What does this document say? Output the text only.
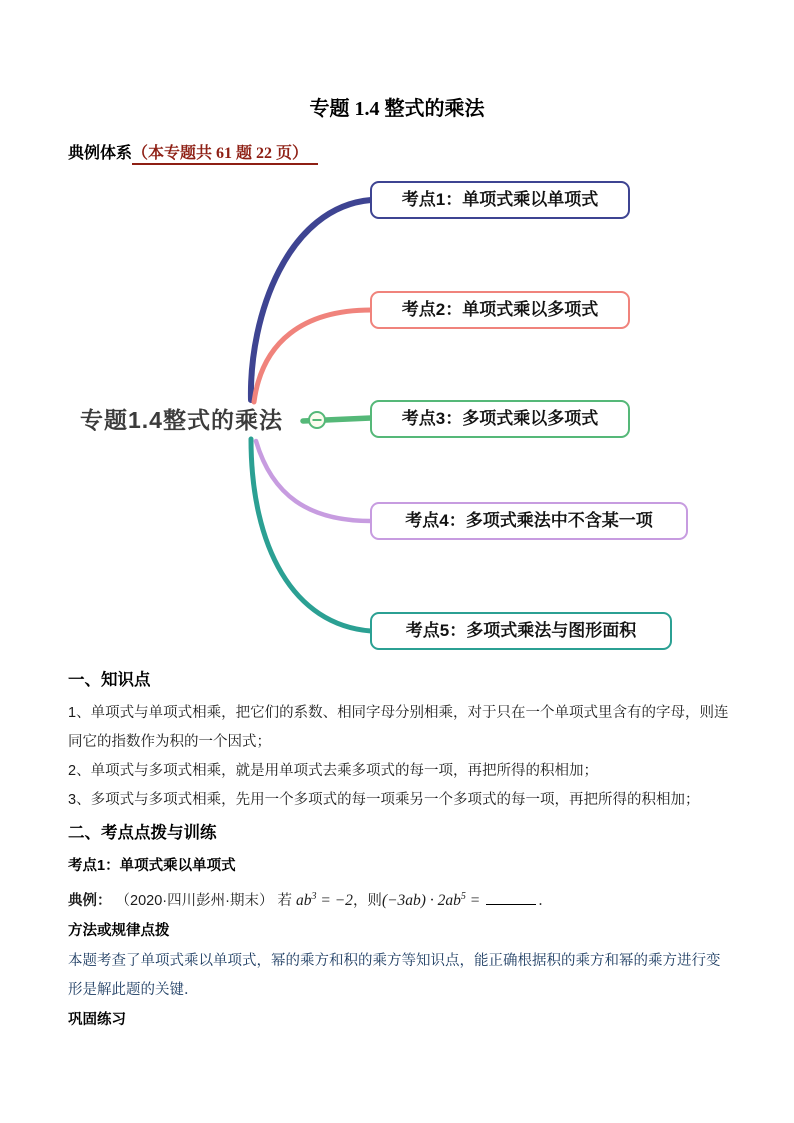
专题 1.4 整式的乘法
典例体系（本专题共 61 题 22 页）
专题1.4整式的乘法
考点1：单项式乘以单项式
考点2：单项式乘以多项式
考点3：多项式乘以多项式
考点4：多项式乘法中不含某一项
考点5：多项式乘法与图形面积
一、知识点

1、单项式与单项式相乘，把它们的系数、相同字母分别相乘，对于只在一个单项式里含有的字母，则连同它的指数作为积的一个因式；

2、单项式与多项式相乘，就是用单项式去乘多项式的每一项，再把所得的积相加；

3、多项式与多项式相乘，先用一个多项式的每一项乘另一个多项式的每一项，再把所得的积相加；

二、考点点拨与训练
考点1：单项式乘以单项式

典例： （2020·四川彭州·期末） 若 $ab^3 = -2$，则$(-3ab) \cdot 2ab^5$ =	．

方法或规律点拨

本题考查了单项式乘以单项式，幂的乘方和积的乘方等知识点，能正确根据积的乘方和幂的乘方进行变形是解此题的关键．

巩固练习
